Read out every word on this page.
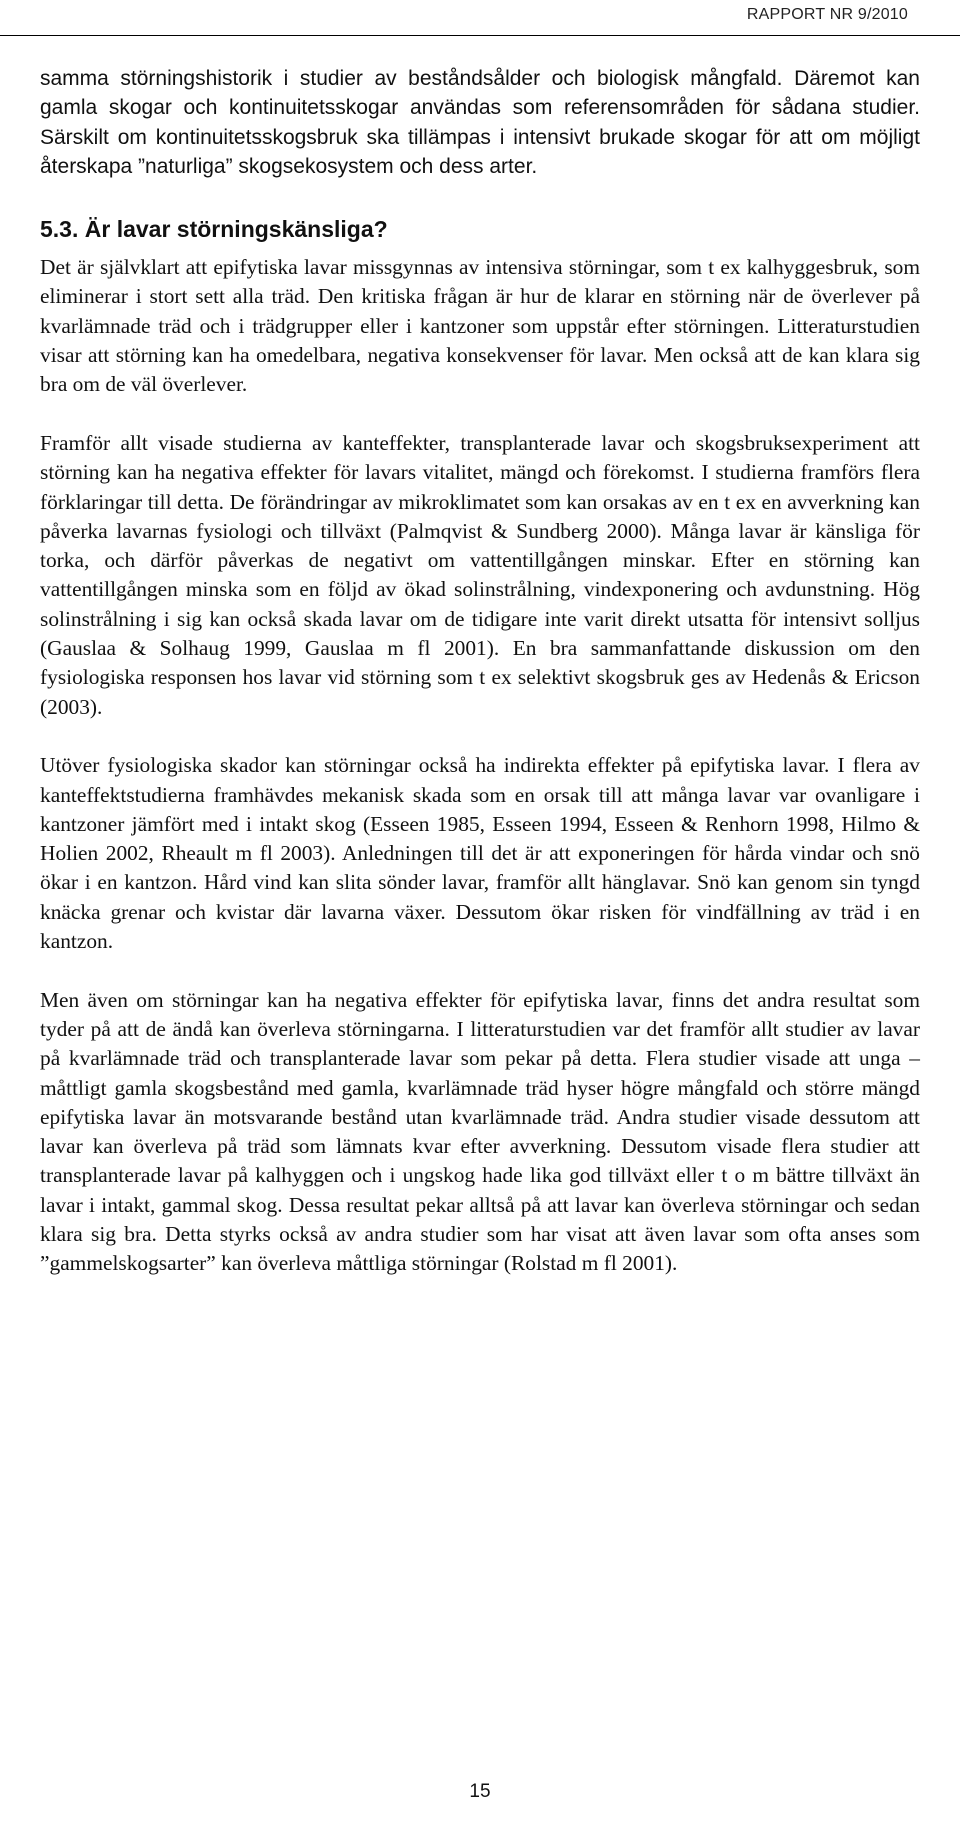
RAPPORT NR 9/2010

samma störningshistorik i studier av beståndsålder och biologisk mångfald. Däremot kan gamla skogar och kontinuitetsskogar användas som referensområden för sådana studier. Särskilt om kontinuitetsskogsbruk ska tillämpas i intensivt brukade skogar för att om möjligt återskapa ”naturliga” skogsekosystem och dess arter.

5.3. Är lavar störningskänsliga?

Det är självklart att epifytiska lavar missgynnas av intensiva störningar, som t ex kalhyggesbruk, som eliminerar i stort sett alla träd. Den kritiska frågan är hur de klarar en störning när de överlever på kvarlämnade träd och i trädgrupper eller i kantzoner som uppstår efter störningen. Litteraturstudien visar att störning kan ha omedelbara, negativa konsekvenser för lavar. Men också att de kan klara sig bra om de väl överlever.

Framför allt visade studierna av kanteffekter, transplanterade lavar och skogsbruksexperiment att störning kan ha negativa effekter för lavars vitalitet, mängd och förekomst. I studierna framförs flera förklaringar till detta. De förändringar av mikroklimatet som kan orsakas av en t ex en avverkning kan påverka lavarnas fysiologi och tillväxt (Palmqvist & Sundberg 2000). Många lavar är känsliga för torka, och därför påverkas de negativt om vattentillgången minskar. Efter en störning kan vattentillgången minska som en följd av ökad solinstrålning, vindexponering och avdunstning. Hög solinstrålning i sig kan också skada lavar om de tidigare inte varit direkt utsatta för intensivt solljus (Gauslaa & Solhaug 1999, Gauslaa m fl 2001). En bra sammanfattande diskussion om den fysiologiska responsen hos lavar vid störning som t ex selektivt skogsbruk ges av Hedenås & Ericson (2003).

Utöver fysiologiska skador kan störningar också ha indirekta effekter på epifytiska lavar. I flera av kanteffektstudierna framhävdes mekanisk skada som en orsak till att många lavar var ovanligare i kantzoner jämfört med i intakt skog (Esseen 1985, Esseen 1994, Esseen & Renhorn 1998, Hilmo & Holien 2002, Rheault m fl 2003). Anledningen till det är att exponeringen för hårda vindar och snö ökar i en kantzon. Hård vind kan slita sönder lavar, framför allt hänglavar. Snö kan genom sin tyngd knäcka grenar och kvistar där lavarna växer. Dessutom ökar risken för vindfällning av träd i en kantzon.

Men även om störningar kan ha negativa effekter för epifytiska lavar, finns det andra resultat som tyder på att de ändå kan överleva störningarna. I litteraturstudien var det framför allt studier av lavar på kvarlämnade träd och transplanterade lavar som pekar på detta. Flera studier visade att unga – måttligt gamla skogsbestånd med gamla, kvarlämnade träd hyser högre mångfald och större mängd epifytiska lavar än motsvarande bestånd utan kvarlämnade träd. Andra studier visade dessutom att lavar kan överleva på träd som lämnats kvar efter avverkning. Dessutom visade flera studier att transplanterade lavar på kalhyggen och i ungskog hade lika god tillväxt eller t o m bättre tillväxt än lavar i intakt, gammal skog. Dessa resultat pekar alltså på att lavar kan överleva störningar och sedan klara sig bra. Detta styrks också av andra studier som har visat att även lavar som ofta anses som ”gammelskogsarter” kan överleva måttliga störningar (Rolstad m fl 2001).

15
